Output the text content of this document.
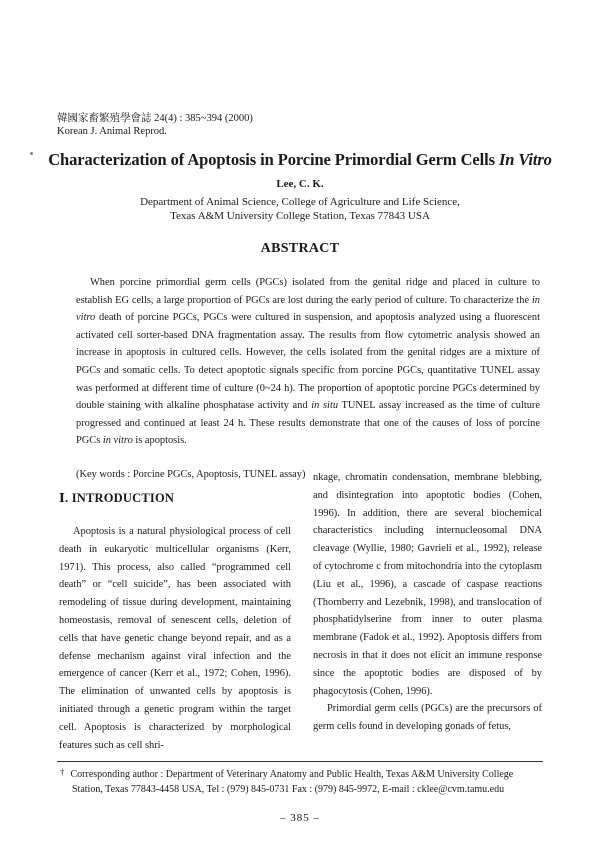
韓國家畜繁殖學會誌 24(4) : 385~394 (2000)
Korean J. Animal Reprod.
Characterization of Apoptosis in Porcine Primordial Germ Cells In Vitro
Lee, C. K.
Department of Animal Science, College of Agriculture and Life Science,
Texas A&M University College Station, Texas 77843 USA
ABSTRACT

When porcine primordial germ cells (PGCs) isolated from the genital ridge and placed in culture to establish EG cells, a large proportion of PGCs are lost during the early period of culture. To characterize the in vitro death of porcine PGCs, PGCs were cultured in suspension, and apoptosis analyzed using a fluorescent activated cell sorter-based DNA fragmentation assay. The results from flow cytometric analysis showed an increase in apoptosis in cultured cells. However, the cells isolated from the genital ridges are a mixture of PGCs and somatic cells. To detect apoptotic signals specific from porcine PGCs, quantitative TUNEL assay was performed at different time of culture (0~24 h). The proportion of apoptotic porcine PGCs determined by double staining with alkaline phosphatase activity and in situ TUNEL assay increased as the time of culture progressed and continued at least 24 h. These results demonstrate that one of the causes of loss of porcine PGCs in vitro is apoptosis.

(Key words : Porcine PGCs, Apoptosis, TUNEL assay)
Ⅰ. INTRODUCTION

Apoptosis is a natural physiological process of cell death in eukaryotic multicellular organisms (Kerr, 1971). This process, also called “programmed cell death” or “cell suicide”, has been associated with remodeling of tissue during development, maintaining homeostasis, removal of senescent cells, deletion of cells that have genetic change beyond repair, and as a defense mechanism against viral infection and the emergence of cancer (Kerr et al., 1972; Cohen, 1996). The elimination of unwanted cells by apoptosis is initiated through a genetic program within the target cell. Apoptosis is characterized by morphological features such as cell shri-

nkage, chromatin condensation, membrane blebbing, and disintegration into apoptotic bodies (Cohen, 1996). In addition, there are several biochemical characteristics including internucleosomal DNA cleavage (Wyllie, 1980; Gavrieli et al., 1992), release of cytochrome c from mitochondria into the cytoplasm (Liu et al., 1996), a cascade of caspase reactions (Thornberry and Lezebnik, 1998), and translocation of phosphatidylserine from inner to outer plasma membrane (Fadok et al., 1992). Apoptosis differs from necrosis in that it does not elicit an immune response since the apoptotic bodies are disposed of by phagocytosis (Cohen, 1996).

Primordial germ cells (PGCs) are the precursors of germ cells found in developing gonads of fetus,

† Corresponding author : Department of Veterinary Anatomy and Public Health, Texas A&M University College
Station, Texas 77843-4458 USA, Tel : (979) 845-0731 Fax : (979) 845-9972, E-mail : cklee@cvm.tamu.edu
– 385 –
